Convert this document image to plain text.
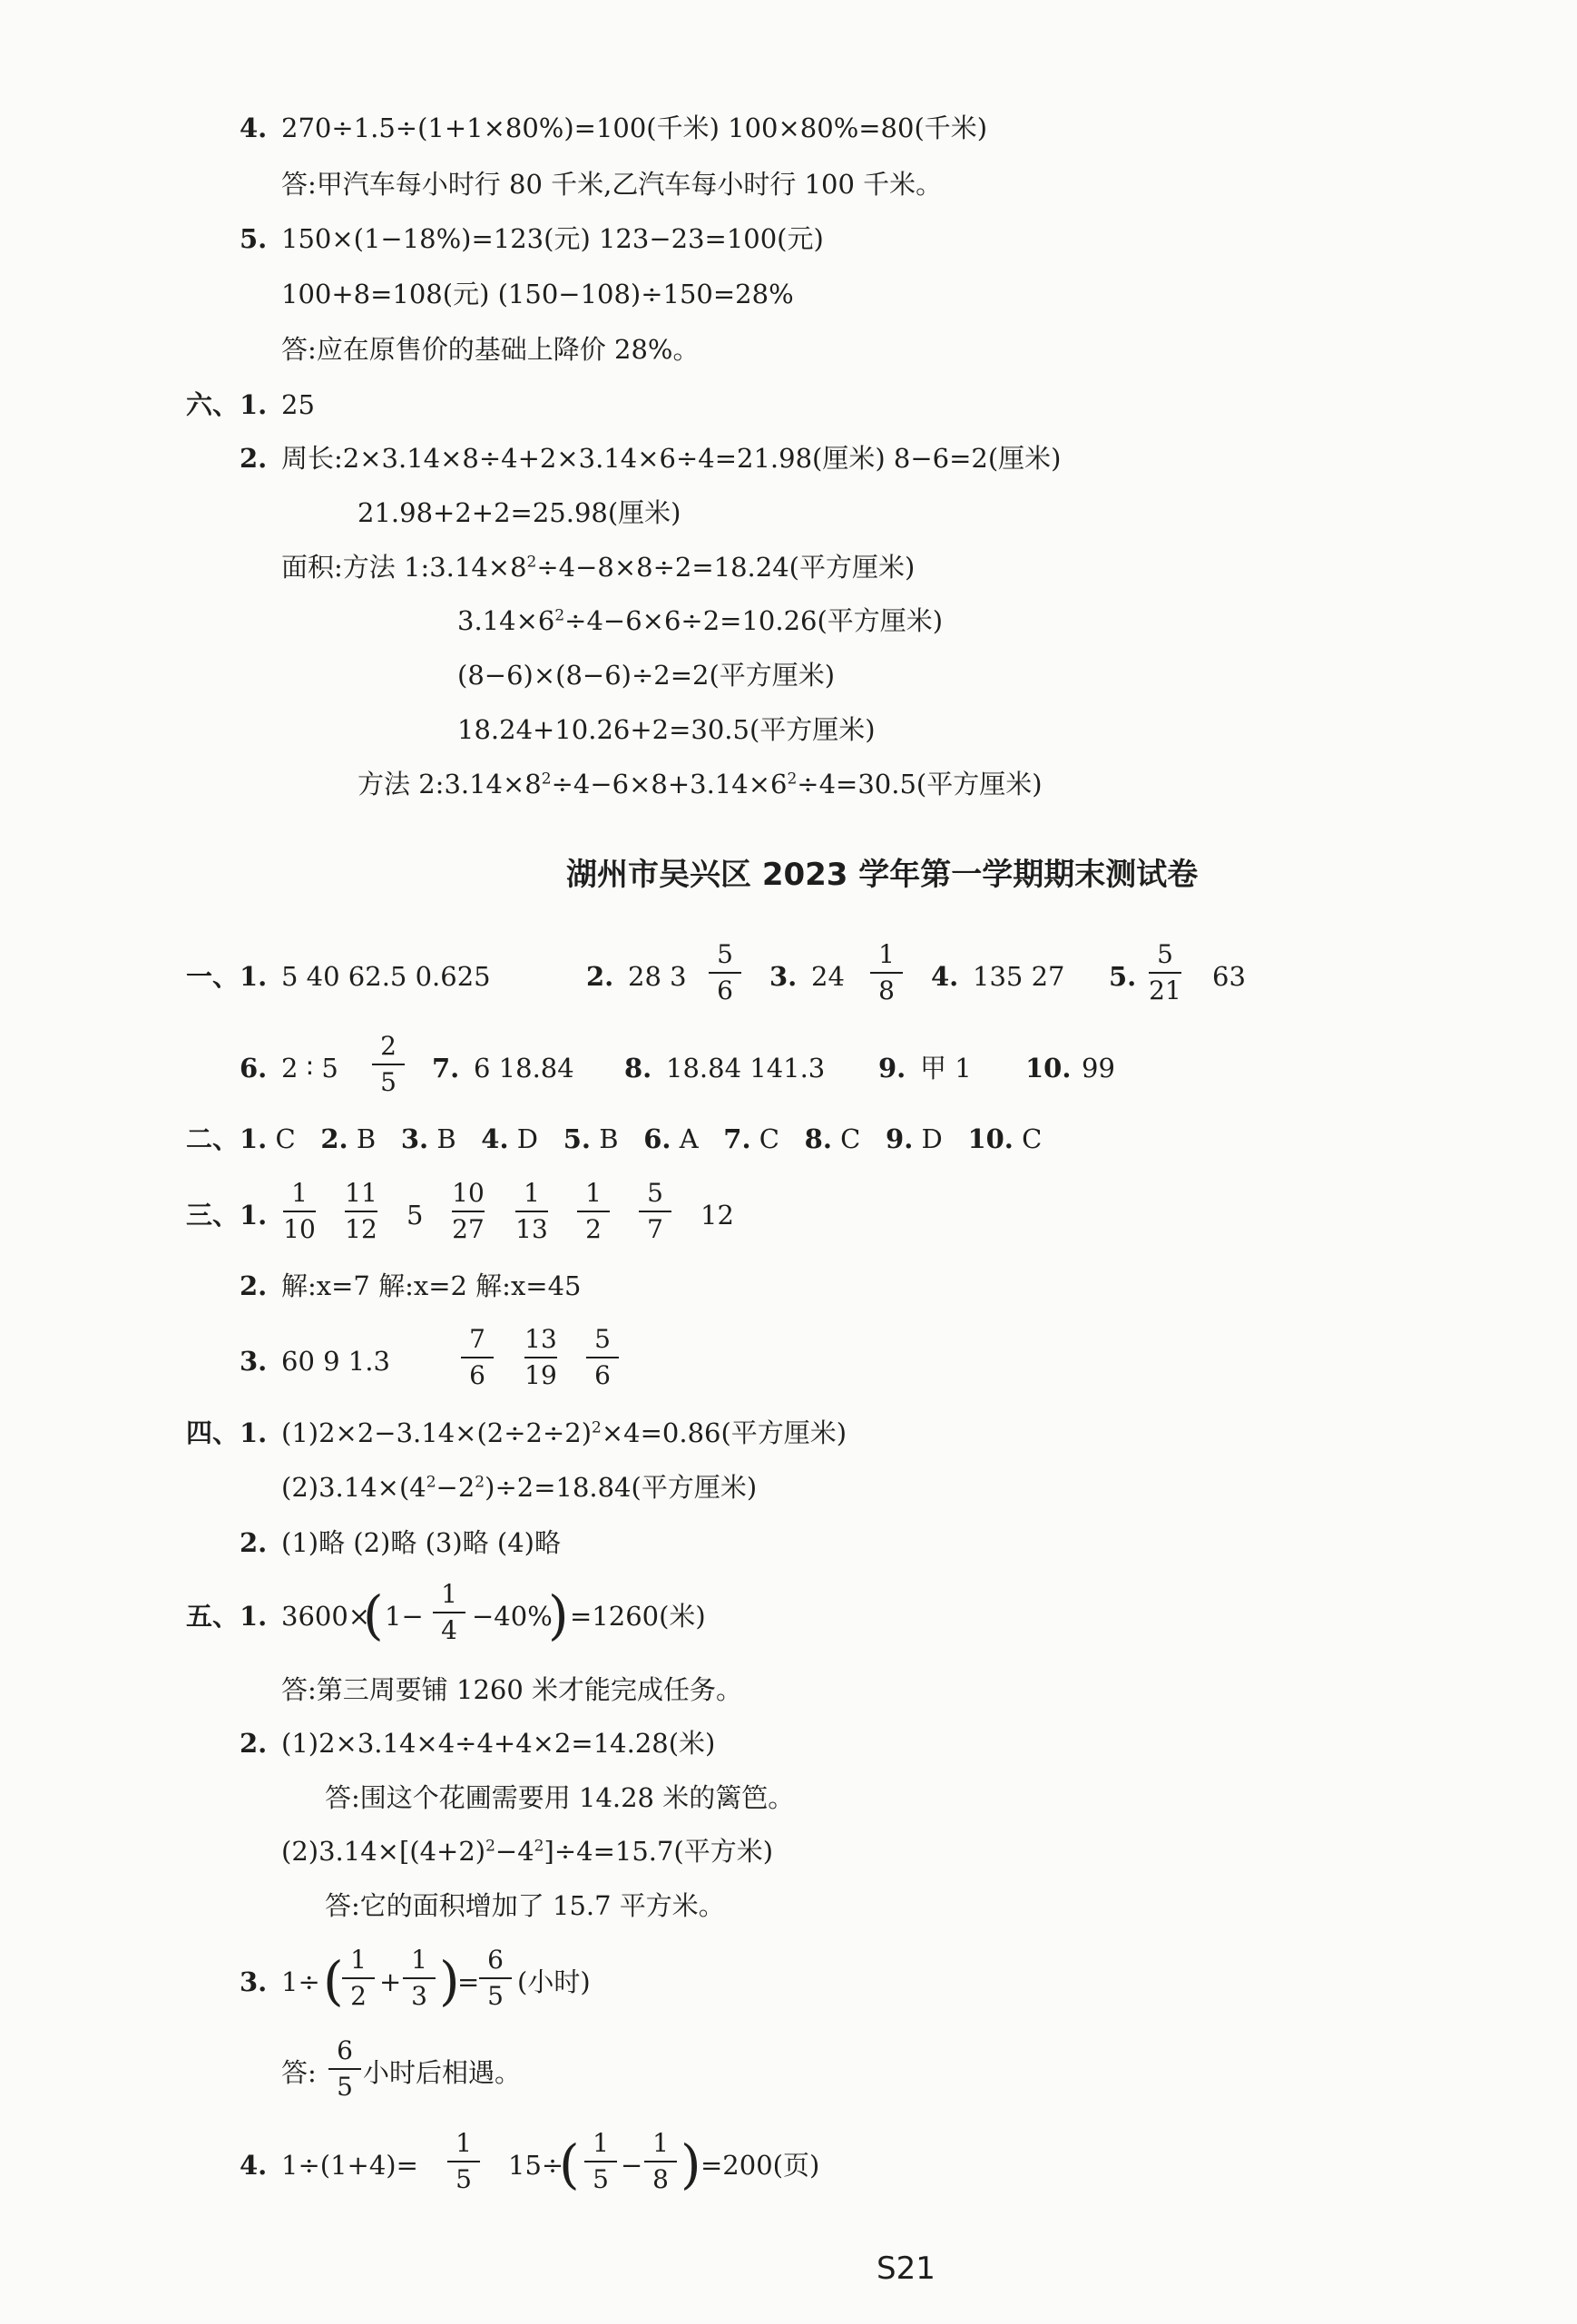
4. 270÷1.5÷(1+1×80%)=100(千米) 100×80%=80(千米)
答:甲汽车每小时行 80 千米,乙汽车每小时行 100 千米。
5. 150×(1−18%)=123(元) 123−23=100(元)
100+8=108(元) (150−108)÷150=28%
答:应在原售价的基础上降价 28%。
六、 1. 25
2. 周长:2×3.14×8÷4+2×3.14×6÷4=21.98(厘米) 8−6=2(厘米)
21.98+2+2=25.98(厘米)
面积:方法 $1:3.14\times 8^2\div 4-8\times 8\div 2=18.24$(平方厘米)
$3.14\times 6^2\div 4-6\times 6\div 2=10.26$(平方厘米)
(8−6)×(8−6)÷2=2(平方厘米)
18.24+10.26+2=30.5(平方厘米)
方法 $2:3.14\times 8^2\div 4-6\times 8+3.14\times 6^2\div 4=30.5$(平方厘米)
湖州市吴兴区 2023 学年第一学期期末测试卷
一、 1. 5 40 62.5 0.625	2. 28 3
5
6	3. 24
1
8	4. 135 27 5.
5
21 63
6. 2 ∶ 5
2
5	7. 6 18.84 8. 18.84 141.3 9. 甲 1 10. 99
二、 1. C 2. B 3. B 4. D 5. B 6. A 7. C 8. C 9. D 10. C
三、 1.
1
10
11
12 5
10
27
1
13
1
2
5
7	12
2. 解:x=7 解:x=2 解:x=45
3. 60 9 1.3
7
6
13
19
5
6
四、 1. $(1)2\times 2-3.14\times(2\div 2\div 2)^2\times 4=0.86$(平方厘米)
$(2)3.14\times(4^2-2^2)\div 2=18.84$(平方厘米)
2. (1)略 (2)略 (3)略 (4)略
五、 1. 3600×
( 1−
1
4 −40%
) =1260(米)
答:第三周要铺 1260 米才能完成任务。
2. (1)2×3.14×4÷4+4×2=14.28(米)
答:围这个花圃需要用 14.28 米的篱笆。
$(2)3.14\times[(4+2)^2-4^2]\div 4=15.7$(平方米)
答:它的面积增加了 15.7 平方米。
3. 1÷ ( 1
2 +
1
3 )
=
6
5 (小时)
答:
6
5 小时后相遇。
4. 1÷(1+4)=
1
5	15÷
( 1
5 −
1
8 ) =200(页)
S21
